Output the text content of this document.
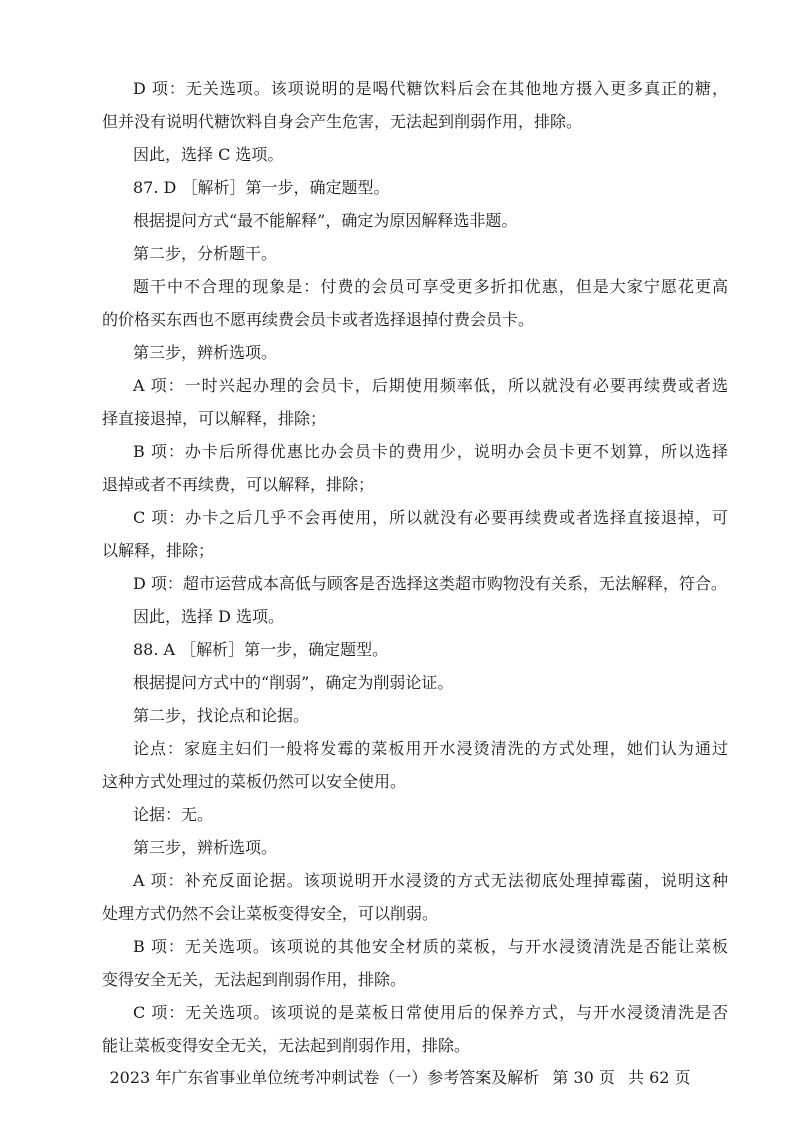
D 项：无关选项。该项说明的是喝代糖饮料后会在其他地方摄入更多真正的糖，
但并没有说明代糖饮料自身会产生危害，无法起到削弱作用，排除。
因此，选择 C 选项。
87. D ［解析］第一步，确定题型。
根据提问方式“最不能解释”，确定为原因解释选非题。
第二步，分析题干。
题干中不合理的现象是：付费的会员可享受更多折扣优惠，但是大家宁愿花更高
的价格买东西也不愿再续费会员卡或者选择退掉付费会员卡。
第三步，辨析选项。
A 项：一时兴起办理的会员卡，后期使用频率低，所以就没有必要再续费或者选
择直接退掉，可以解释，排除；
B 项：办卡后所得优惠比办会员卡的费用少，说明办会员卡更不划算，所以选择
退掉或者不再续费，可以解释，排除；
C 项：办卡之后几乎不会再使用，所以就没有必要再续费或者选择直接退掉，可
以解释，排除；
D 项：超市运营成本高低与顾客是否选择这类超市购物没有关系，无法解释，符合。
因此，选择 D 选项。
88. A ［解析］第一步，确定题型。
根据提问方式中的“削弱”，确定为削弱论证。
第二步，找论点和论据。
论点：家庭主妇们一般将发霉的菜板用开水浸烫清洗的方式处理，她们认为通过
这种方式处理过的菜板仍然可以安全使用。
论据：无。
第三步，辨析选项。
A 项：补充反面论据。该项说明开水浸烫的方式无法彻底处理掉霉菌，说明这种
处理方式仍然不会让菜板变得安全，可以削弱。
B 项：无关选项。该项说的其他安全材质的菜板，与开水浸烫清洗是否能让菜板
变得安全无关，无法起到削弱作用，排除。
C 项：无关选项。该项说的是菜板日常使用后的保养方式，与开水浸烫清洗是否
能让菜板变得安全无关，无法起到削弱作用，排除。
2023 年广东省事业单位统考冲刺试卷（一）参考答案及解析 第 30 页 共 62 页
